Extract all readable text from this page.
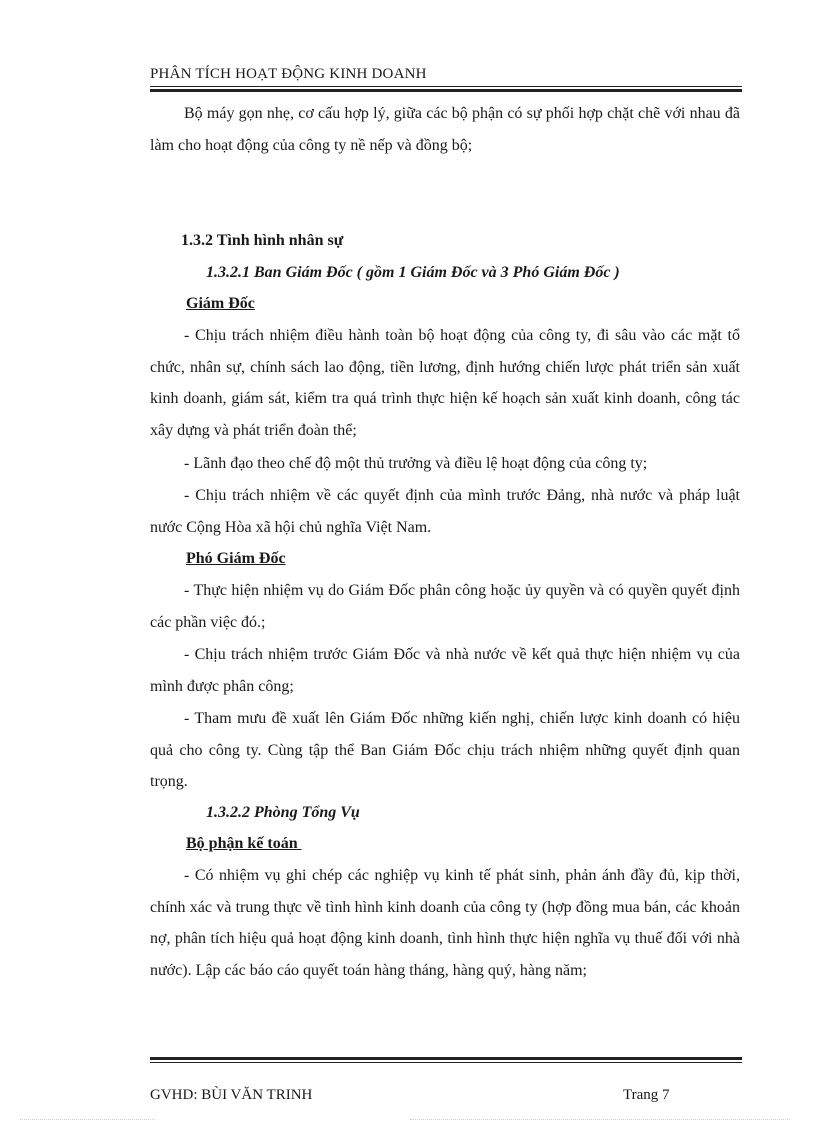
PHÂN TÍCH HOẠT ĐỘNG KINH DOANH

Bộ máy gọn nhẹ, cơ cấu hợp lý, giữa các bộ phận có sự phối hợp chặt chẽ với nhau đã làm cho hoạt động của công ty nề nếp và đồng bộ;

1.3.2 Tình hình nhân sự

1.3.2.1 Ban Giám Đốc ( gồm 1 Giám Đốc và 3 Phó Giám Đốc )

Giám Đốc

- Chịu trách nhiệm điều hành toàn bộ hoạt động của công ty, đi sâu vào các mặt tổ chức, nhân sự, chính sách lao động, tiền lương, định hướng chiến lược phát triển sản xuất kinh doanh, giám sát, kiểm tra quá trình thực hiện kế hoạch sản xuất kinh doanh, công tác xây dựng và phát triển đoàn thể;

- Lãnh đạo theo chế độ một thủ trưởng và điều lệ hoạt động của công ty;

- Chịu trách nhiệm về các quyết định của mình trước Đảng, nhà nước và pháp luật nước Cộng Hòa xã hội chủ nghĩa Việt Nam.

Phó Giám Đốc

- Thực hiện nhiệm vụ do Giám Đốc phân công hoặc ủy quyền và có quyền quyết định các phần việc đó.;

- Chịu trách nhiệm trước Giám Đốc và nhà nước về kết quả thực hiện nhiệm vụ của mình được phân công;

- Tham mưu đề xuất lên Giám Đốc những kiến nghị, chiến lược kinh doanh có hiệu quả cho công ty. Cùng tập thể Ban Giám Đốc chịu trách nhiệm những quyết định quan trọng.

1.3.2.2 Phòng Tổng Vụ

Bộ phận kế toán

- Có nhiệm vụ ghi chép các nghiệp vụ kinh tế phát sinh, phản ánh đầy đủ, kịp thời, chính xác và trung thực về tình hình kinh doanh của công ty (hợp đồng mua bán, các khoản nợ, phân tích hiệu quả hoạt động kinh doanh, tình hình thực hiện nghĩa vụ thuế đối với nhà nước). Lập các báo cáo quyết toán hàng tháng, hàng quý, hàng năm;

GVHD: BÙI VĂN TRINH	Trang 7
